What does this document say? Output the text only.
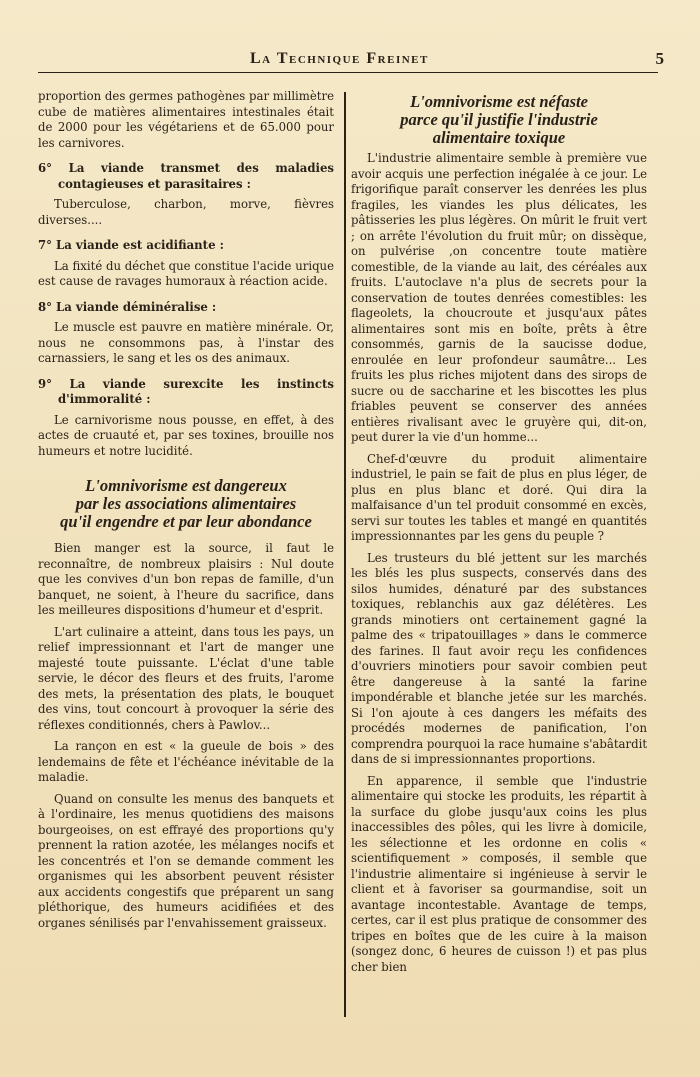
La Technique Freinet	5

proportion des germes pathogènes par millimètre cube de matières alimentaires intestinales était de 2000 pour les végétariens et de 65.000 pour les carnivores.

6° La viande transmet des maladies contagieuses et parasitaires :

Tuberculose, charbon, morve, fièvres diverses....

7° La viande est acidifiante :

La fixité du déchet que constitue l'acide urique est cause de ravages humoraux à réaction acide.

8° La viande déminéralise :

Le muscle est pauvre en matière minérale. Or, nous ne consommons pas, à l'instar des carnassiers, le sang et les os des animaux.

9° La viande surexcite les instincts d'immoralité :

Le carnivorisme nous pousse, en effet, à des actes de cruauté et, par ses toxines, brouille nos humeurs et notre lucidité.

L'omnivorisme est dangereux
par les associations alimentaires
qu'il engendre et par leur abondance

Bien manger est la source, il faut le reconnaître, de nombreux plaisirs : Nul doute que les convives d'un bon repas de famille, d'un banquet, ne soient, à l'heure du sacrifice, dans les meilleures dispositions d'humeur et d'esprit.

L'art culinaire a atteint, dans tous les pays, un relief impressionnant et l'art de manger une majesté toute puissante. L'éclat d'une table servie, le décor des fleurs et des fruits, l'arome des mets, la présentation des plats, le bouquet des vins, tout concourt à provoquer la série des réflexes conditionnés, chers à Pawlov...

La rançon en est « la gueule de bois » des lendemains de fête et l'échéance inévitable de la maladie.

Quand on consulte les menus des banquets et à l'ordinaire, les menus quotidiens des maisons bourgeoises, on est effrayé des proportions qu'y prennent la ration azotée, les mélanges nocifs et les concentrés et l'on se demande comment les organismes qui les absorbent peuvent résister aux accidents congestifs que préparent un sang pléthorique, des humeurs acidifiées et des organes sénilisés par l'envahissement graisseux.

L'omnivorisme est néfaste
parce qu'il justifie l'industrie
alimentaire toxique

L'industrie alimentaire semble à première vue avoir acquis une perfection inégalée à ce jour. Le frigorifique paraît conserver les denrées les plus fragiles, les viandes les plus délicates, les pâtisseries les plus légères. On mûrit le fruit vert ; on arrête l'évolution du fruit mûr; on dissèque, on pulvérise ,on concentre toute matière comestible, de la viande au lait, des céréales aux fruits. L'autoclave n'a plus de secrets pour la conservation de toutes denrées comestibles: les flageolets, la choucroute et jusqu'aux pâtes alimentaires sont mis en boîte, prêts à être consommés, garnis de la saucisse dodue, enroulée en leur profondeur saumâtre... Les fruits les plus riches mijotent dans des sirops de sucre ou de saccharine et les biscottes les plus friables peuvent se conserver des années entières rivalisant avec le gruyère qui, dit-on, peut durer la vie d'un homme...

Chef-d'œuvre du produit alimentaire industriel, le pain se fait de plus en plus léger, de plus en plus blanc et doré. Qui dira la malfaisance d'un tel produit consommé en excès, servi sur toutes les tables et mangé en quantités impressionnantes par les gens du peuple ?

Les trusteurs du blé jettent sur les marchés les blés les plus suspects, conservés dans des silos humides, dénaturé par des substances toxiques, reblanchis aux gaz délétères. Les grands minotiers ont certainement gagné la palme des « tripatouillages » dans le commerce des farines. Il faut avoir reçu les confidences d'ouvriers minotiers pour savoir combien peut être dangereuse à la santé la farine impondérable et blanche jetée sur les marchés. Si l'on ajoute à ces dangers les méfaits des procédés modernes de panification, l'on comprendra pourquoi la race humaine s'abâtardit dans de si impressionnantes proportions.

En apparence, il semble que l'industrie alimentaire qui stocke les produits, les répartit à la surface du globe jusqu'aux coins les plus inaccessibles des pôles, qui les livre à domicile, les sélectionne et les ordonne en colis « scientifiquement » composés, il semble que l'industrie alimentaire si ingénieuse à servir le client et à favoriser sa gourmandise, soit un avantage incontestable. Avantage de temps, certes, car il est plus pratique de consommer des tripes en boîtes que de les cuire à la maison (songez donc, 6 heures de cuisson !) et pas plus cher bien
